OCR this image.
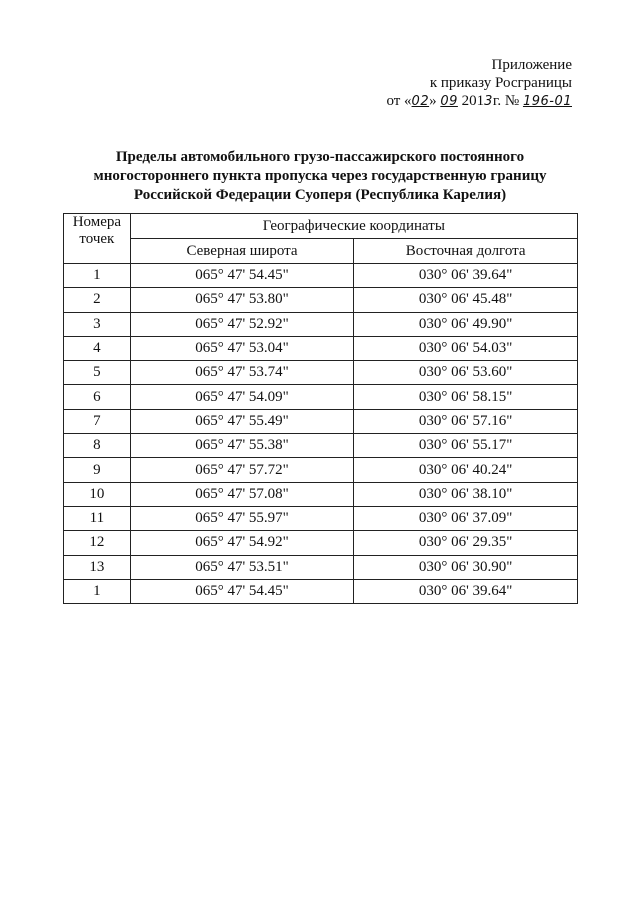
Приложение
к приказу Росграницы
от «02» 09 2013г. № 196-01
Пределы автомобильного грузо-пассажирского постоянного
многостороннего пункта пропуска через государственную границу
Российской Федерации Суоперя (Республика Карелия)
Номера
точек	Географические координаты	
	Северная широта	Восточная долгота
1	065° 47' 54.45"	030° 06' 39.64"
2	065° 47' 53.80"	030° 06' 45.48"
3	065° 47' 52.92"	030° 06' 49.90"
4	065° 47' 53.04"	030° 06' 54.03"
5	065° 47' 53.74"	030° 06' 53.60"
6	065° 47' 54.09"	030° 06' 58.15"
7	065° 47' 55.49"	030° 06' 57.16"
8	065° 47' 55.38"	030° 06' 55.17"
9	065° 47' 57.72"	030° 06' 40.24"
10	065° 47' 57.08"	030° 06' 38.10"
11	065° 47' 55.97"	030° 06' 37.09"
12	065° 47' 54.92"	030° 06' 29.35"
13	065° 47' 53.51"	030° 06' 30.90"
1	065° 47' 54.45"	030° 06' 39.64"
